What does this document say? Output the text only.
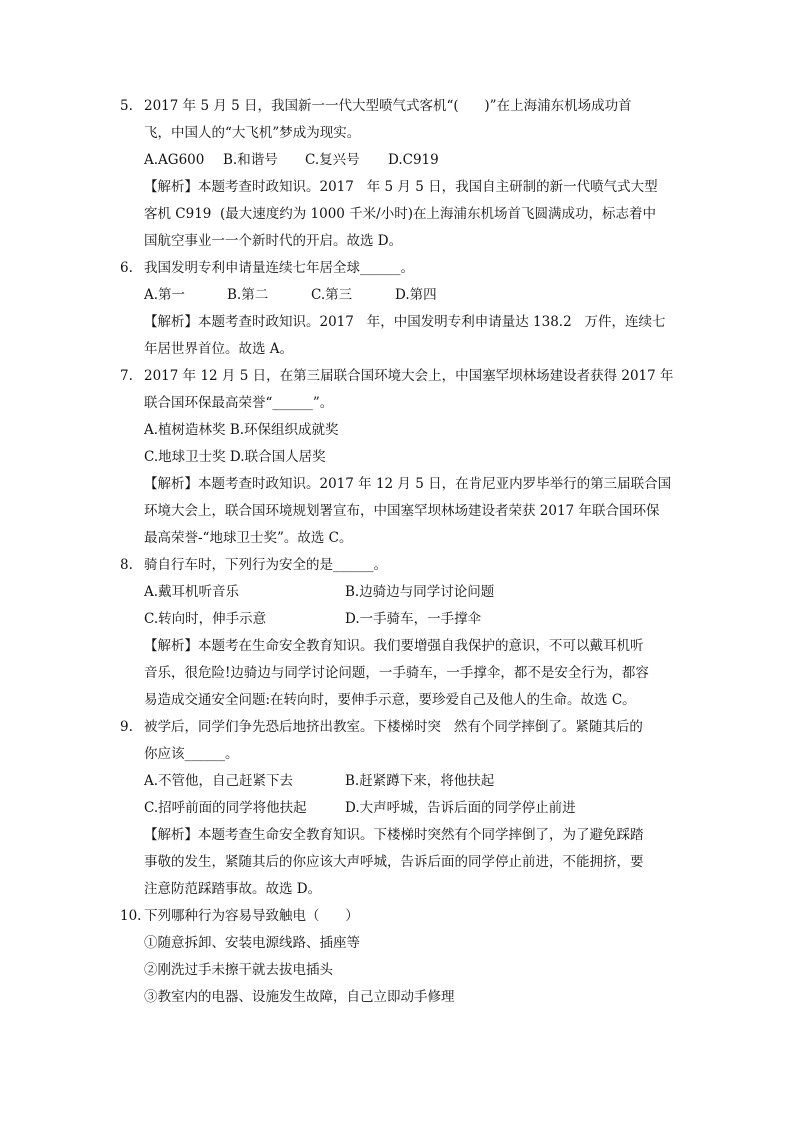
5. 2017 年 5 月 5 日，我国新一一代大型喷气式客机“(      )”在上海浦东机场成功首
飞，中国人的“大飞机”梦成为现实。
A.AG600 B.和谐号 C.复兴号 D.C919
【解析】本题考查时政知识。2017   年 5 月 5 日，我国自主研制的新一代喷气式大型
客机 C919  (最大速度约为 1000 千米/小时)在上海浦东机场首飞圆满成功，标志着中
国航空事业一一个新时代的开启。故选 D。
6. 我国发明专利申请量连续七年居全球______。
A.第一	B.第二	C.第三	D.第四
【解析】本题考查时政知识。2017   年，中国发明专利申请量达 138.2   万件，连续七
年居世界首位。故选 A。
7. 2017 年 12 月 5 日，在第三届联合国环境大会上，中国塞罕坝林场建设者获得 2017 年
联合国环保最高荣誉“______”。
A.植树造林奖 B.环保组织成就奖
C.地球卫士奖 D.联合国人居奖
【解析】本题考查时政知识。2017 年 12 月 5 日，在肯尼亚内罗毕举行的第三届联合国
环境大会上，联合国环境规划署宣布，中国塞罕坝林场建设者荣获 2017 年联合国环保
最高荣誉-“地球卫士奖”。故选 C。
8. 骑自行车时，下列行为安全的是______。
A.戴耳机听音乐	B.边骑边与同学讨论问题
C.转向时，伸手示意	D.一手骑车，一手撑伞
【解析】本题考在生命安全教育知识。我们要增强自我保护的意识，不可以戴耳机听
音乐，很危险!边骑边与同学讨论问题，一手骑车，一手撑伞，都不是安全行为，都容
易造成交通安全问题:在转向时，要伸手示意，要珍爱自己及他人的生命。故选 C。
9. 被学后，同学们争先恐后地挤出教室。下楼梯时突   然有个同学摔倒了。紧随其后的
你应该______。
A.不管他，自己赶紧下去	B.赶紧蹲下来，将他扶起
C.招呼前面的同学将他扶起	D.大声呼城，告诉后面的同学停止前进
【解析】本题考查生命安全教育知识。下楼梯时突然有个同学摔倒了，为了避免踩踏
事敬的发生，紧随其后的你应该大声呼城，告诉后面的同学停止前进，不能拥挤，要
注意防范踩踏事故。故选 D。
10. 下列哪种行为容易导致触电（      ）
①随意拆卸、安装电源线路、插座等
②刚洗过手未擦干就去拔电插头
③教室内的电器、设施发生故障，自己立即动手修理
